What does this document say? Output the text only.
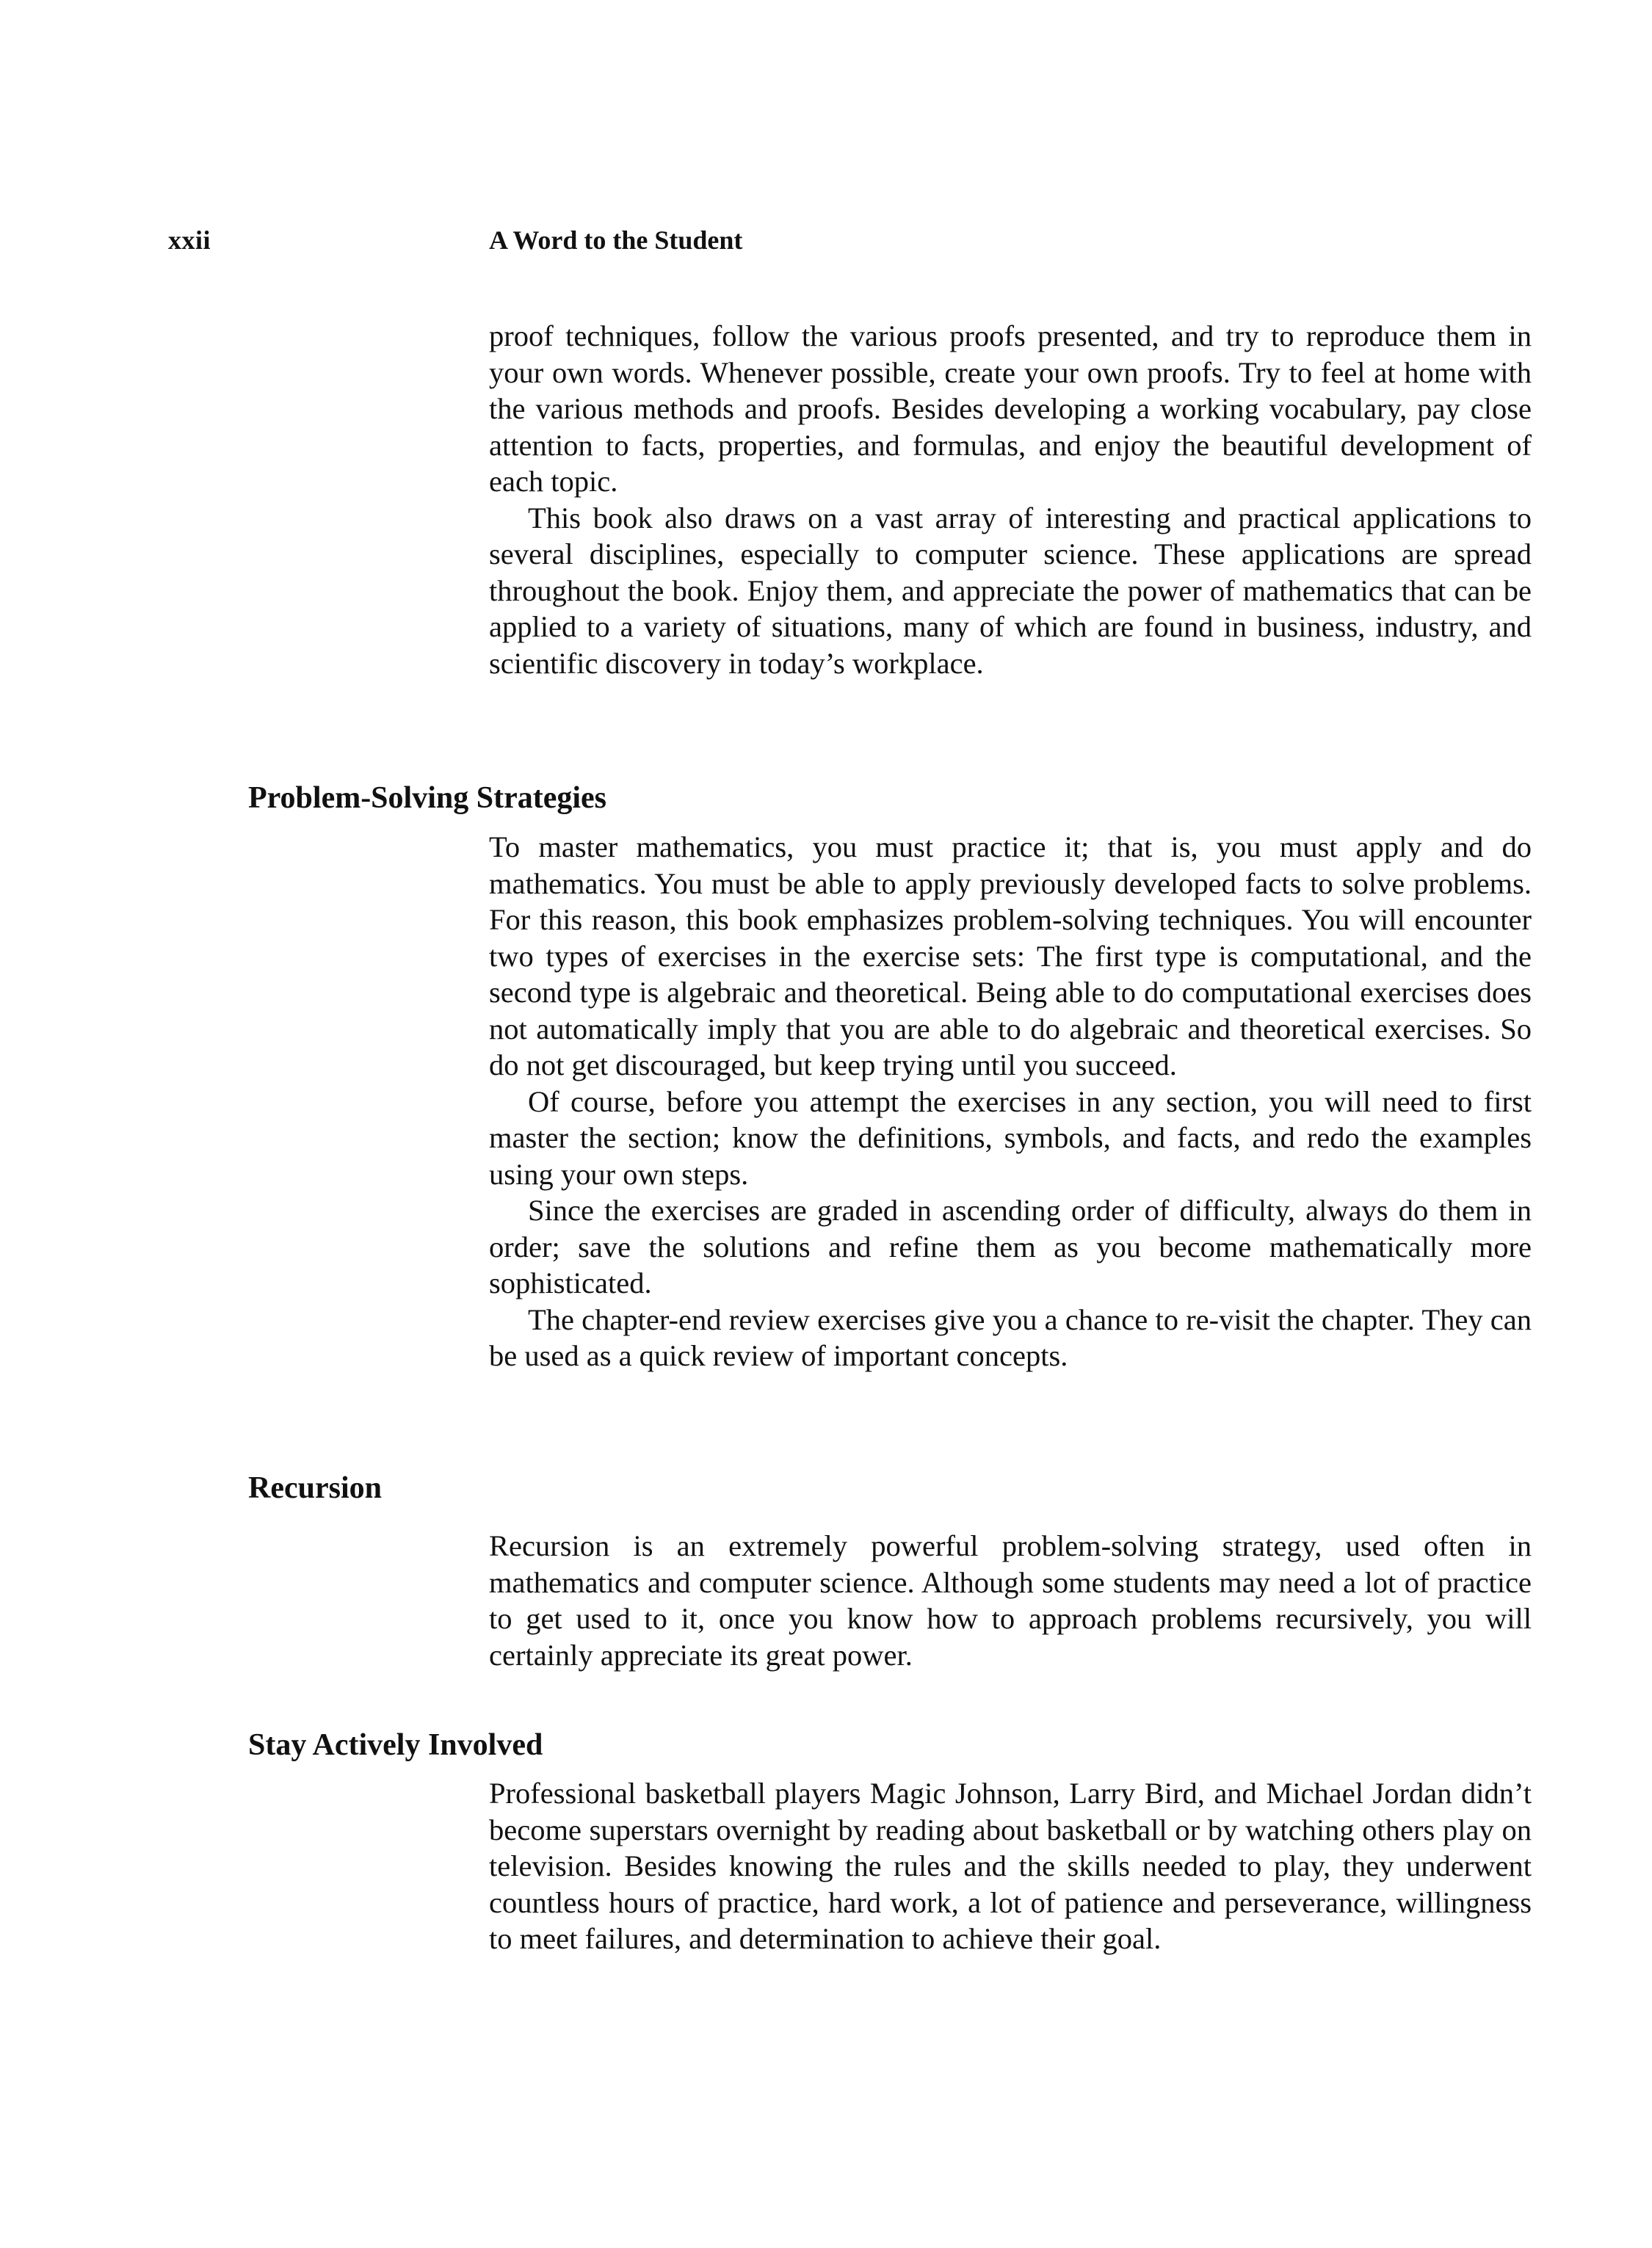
xxii	A Word to the Student

proof techniques, follow the various proofs presented, and try to reproduce them in your own words. Whenever possible, create your own proofs. Try to feel at home with the various methods and proofs. Besides developing a working vocabulary, pay close attention to facts, properties, and formulas, and enjoy the beautiful development of each topic.

This book also draws on a vast array of interesting and practical applications to several disciplines, especially to computer science. These applications are spread throughout the book. Enjoy them, and appreciate the power of mathematics that can be applied to a variety of situations, many of which are found in business, industry, and scientific discovery in today’s workplace.

Problem-Solving Strategies

To master mathematics, you must practice it; that is, you must apply and do mathematics. You must be able to apply previously developed facts to solve problems. For this reason, this book emphasizes problem-solving techniques. You will encounter two types of exercises in the exercise sets: The first type is computational, and the second type is algebraic and theoretical. Being able to do computational exercises does not automatically imply that you are able to do algebraic and theoretical exercises. So do not get discouraged, but keep trying until you succeed.

Of course, before you attempt the exercises in any section, you will need to first master the section; know the definitions, symbols, and facts, and redo the examples using your own steps.

Since the exercises are graded in ascending order of difficulty, always do them in order; save the solutions and refine them as you become mathematically more sophisticated.

The chapter-end review exercises give you a chance to re-visit the chapter. They can be used as a quick review of important concepts.

Recursion

Recursion is an extremely powerful problem-solving strategy, used often in mathematics and computer science. Although some students may need a lot of practice to get used to it, once you know how to approach problems recursively, you will certainly appreciate its great power.

Stay Actively Involved

Professional basketball players Magic Johnson, Larry Bird, and Michael Jordan didn’t become superstars overnight by reading about basketball or by watching others play on television. Besides knowing the rules and the skills needed to play, they underwent countless hours of practice, hard work, a lot of patience and perseverance, willingness to meet failures, and determination to achieve their goal.
